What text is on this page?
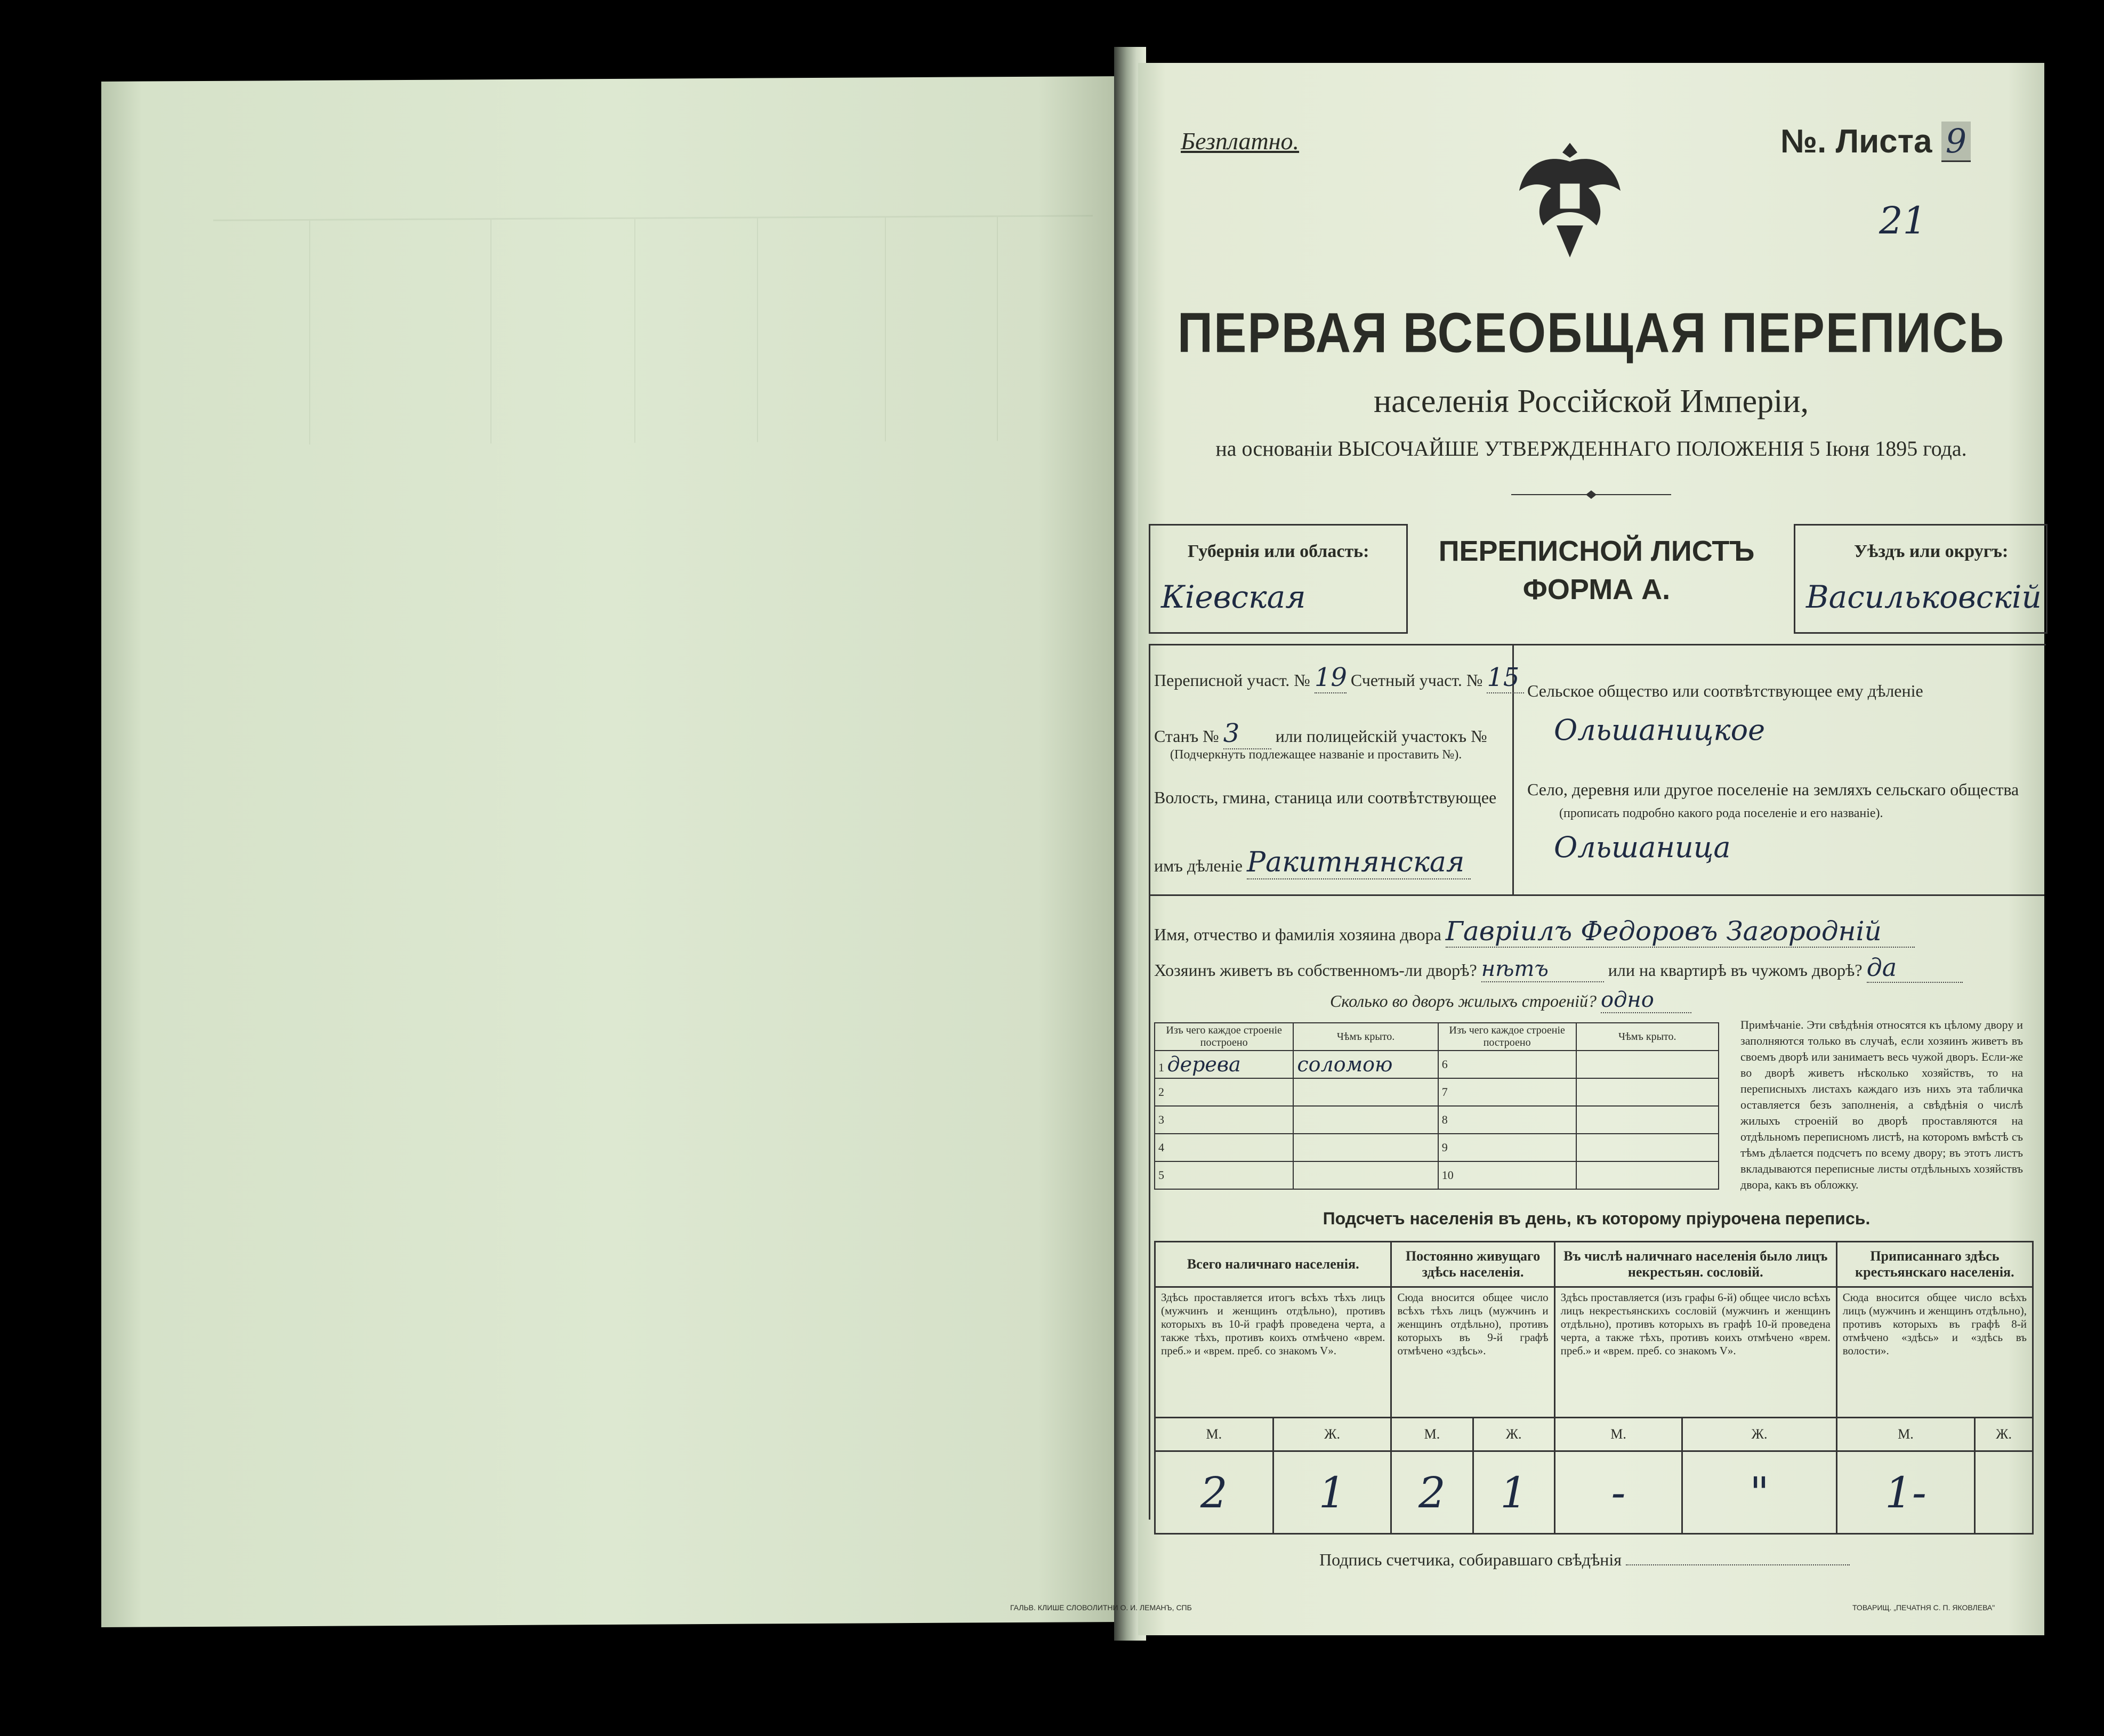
Безплатно.	№. Листа 9
21
ПЕРВАЯ ВСЕОБЩАЯ ПЕРЕПИСЬ
населенія Россійской Имперіи,
на основаніи ВЫСОЧАЙШЕ УТВЕРЖДЕННАГО ПОЛОЖЕНІЯ 5 Іюня 1895 года.
Губернія или область:
Кіевская
ПЕРЕПИСНОЙ ЛИСТЪ
ФОРМА А.
Уѣздъ или округъ:
Васильковскій
Переписной участ. № 19 Счетный участ. № 15
Станъ № 3 или полицейскій участокъ №
(Подчеркнуть подлежащее названіе и проставить №).
Волость, гмина, станица или соотвѣтствующее
имъ дѣленіе Ракитнянская
Сельское общество или соотвѣтствующее ему дѣленіе
Ольшаницкое
Село, деревня или другое поселеніе на земляхъ сельскаго общества
(прописать подробно какого рода поселеніе и его названіе).
Ольшаница
Имя, отчество и фамилія хозяина двора Гавріилъ Федоровъ Загородній
Хозяинъ живетъ въ собственномъ-ли дворѣ? нѣтъ	или на квартирѣ въ чужомъ дворѣ? да
Сколько во дворъ жилыхъ строеній? одно
Изъ чего каждое строеніе построено	Чѣмъ крыто.	Изъ чего каждое строеніе построено	Чѣмъ крыто.
1 дерева	соломою	6	
2		7	
3		8	
4		9	
5		10	
Примѣчаніе. Эти свѣдѣнія относятся къ цѣлому двору и заполняются только въ случаѣ, если хозяинъ живетъ въ своемъ дворѣ или занимаетъ весь чужой дворъ. Если-же во дворѣ живетъ нѣсколько хозяйствъ, то на переписныхъ листахъ каждаго изъ нихъ эта табличка оставляется безъ заполненія, а свѣдѣнія о числѣ жилыхъ строеній во дворѣ проставляются на отдѣльномъ переписномъ листѣ, на которомъ вмѣстѣ съ тѣмъ дѣлается подсчетъ по всему двору; въ этотъ листъ вкладываются переписные листы отдѣльныхъ хозяйствъ двора, какъ въ обложку.
Подсчетъ населенія въ день, къ которому пріурочена перепись.
Всего наличнаго населенія.		Постоянно живущаго здѣсь населенія.		Въ числѣ наличнаго населенія было лицъ некрестьян. сословій.		Приписаннаго здѣсь крестьянскаго населенія.	
Здѣсь проставляется итогъ всѣхъ тѣхъ лицъ (мужчинъ и женщинъ отдѣльно), противъ которыхъ въ 10-й графѣ проведена черта, а также тѣхъ, противъ коихъ отмѣчено «врем. преб.» и «врем. преб. со знакомъ V».		Сюда вносится общее число всѣхъ тѣхъ лицъ (мужчинъ и женщинъ отдѣльно), противъ которыхъ въ 9-й графѣ отмѣчено «здѣсь».		Здѣсь проставляется (изъ графы 6-й) общее число всѣхъ лицъ некрестьянскихъ сословій (мужчинъ и женщинъ отдѣльно), противъ которыхъ въ графѣ 10-й проведена черта, а также тѣхъ, противъ коихъ отмѣчено «врем. преб.» и «врем. преб. со знакомъ V».		Сюда вносится общее число всѣхъ лицъ (мужчинъ и женщинъ отдѣльно), противъ которыхъ въ графѣ 8-й отмѣчено «здѣсь» и «здѣсь въ волости».	
М.	Ж.	М.	Ж.	М.	Ж.	М.	Ж.
2	1	2	1	-	"	1-	
Подпись счетчика, собиравшаго свѣдѣнія
ГАЛЬВ. КЛИШЕ СЛОВОЛИТНИ О. И. ЛЕМАНЪ, СПБ	ТОВАРИЩ. „ПЕЧАТНЯ С. П. ЯКОВЛЕВА"
